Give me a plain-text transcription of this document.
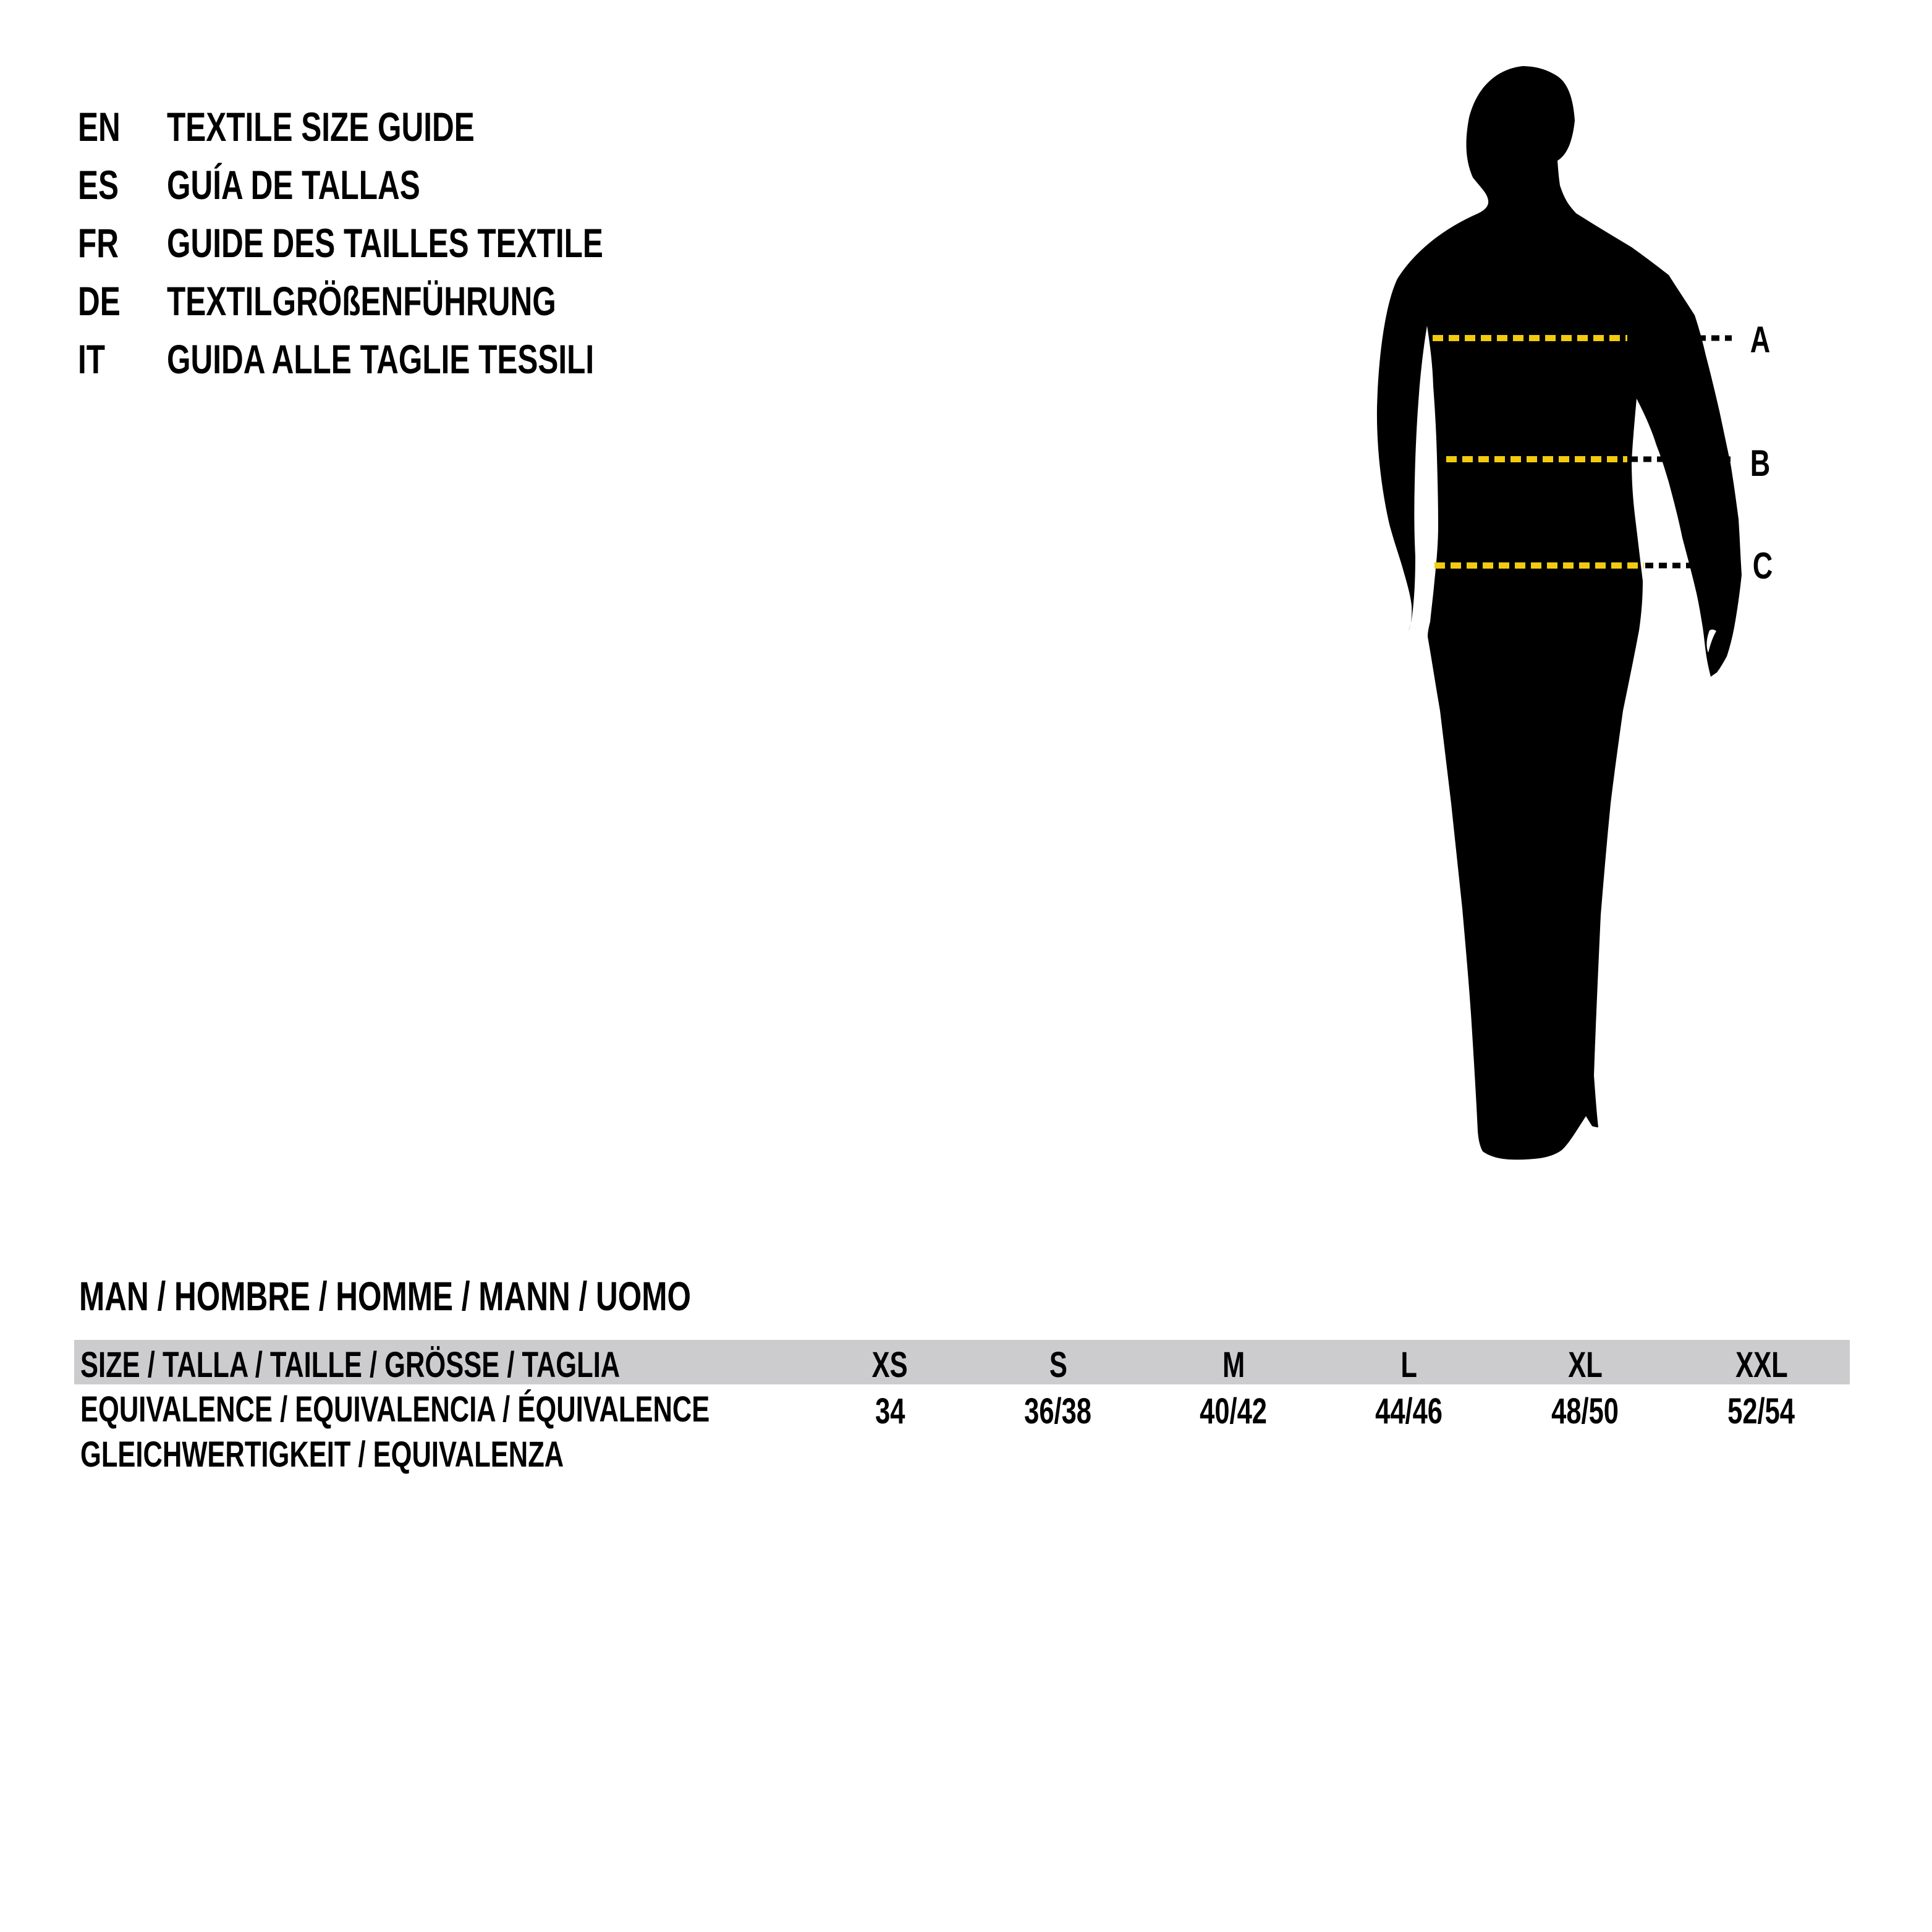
EN	TEXTILE SIZE GUIDE
ES	GUÍA DE TALLAS
FR	GUIDE DES TAILLES TEXTILE
DE	TEXTILGRÖßENFÜHRUNG
IT GUIDA ALLE TAGLIE TESSILI	A
B
C
MAN / HOMBRE / HOMME / MANN / UOMO
SIZE / TALLA / TAILLE / GRÖSSE / TAGLIA	XS	S	M	L	XL	XXL
EQUIVALENCE / EQUIVALENCIA / ÉQUIVALENCE	34	36/38	40/42	44/46	48/50	52/54
GLEICHWERTIGKEIT / EQUIVALENZA
